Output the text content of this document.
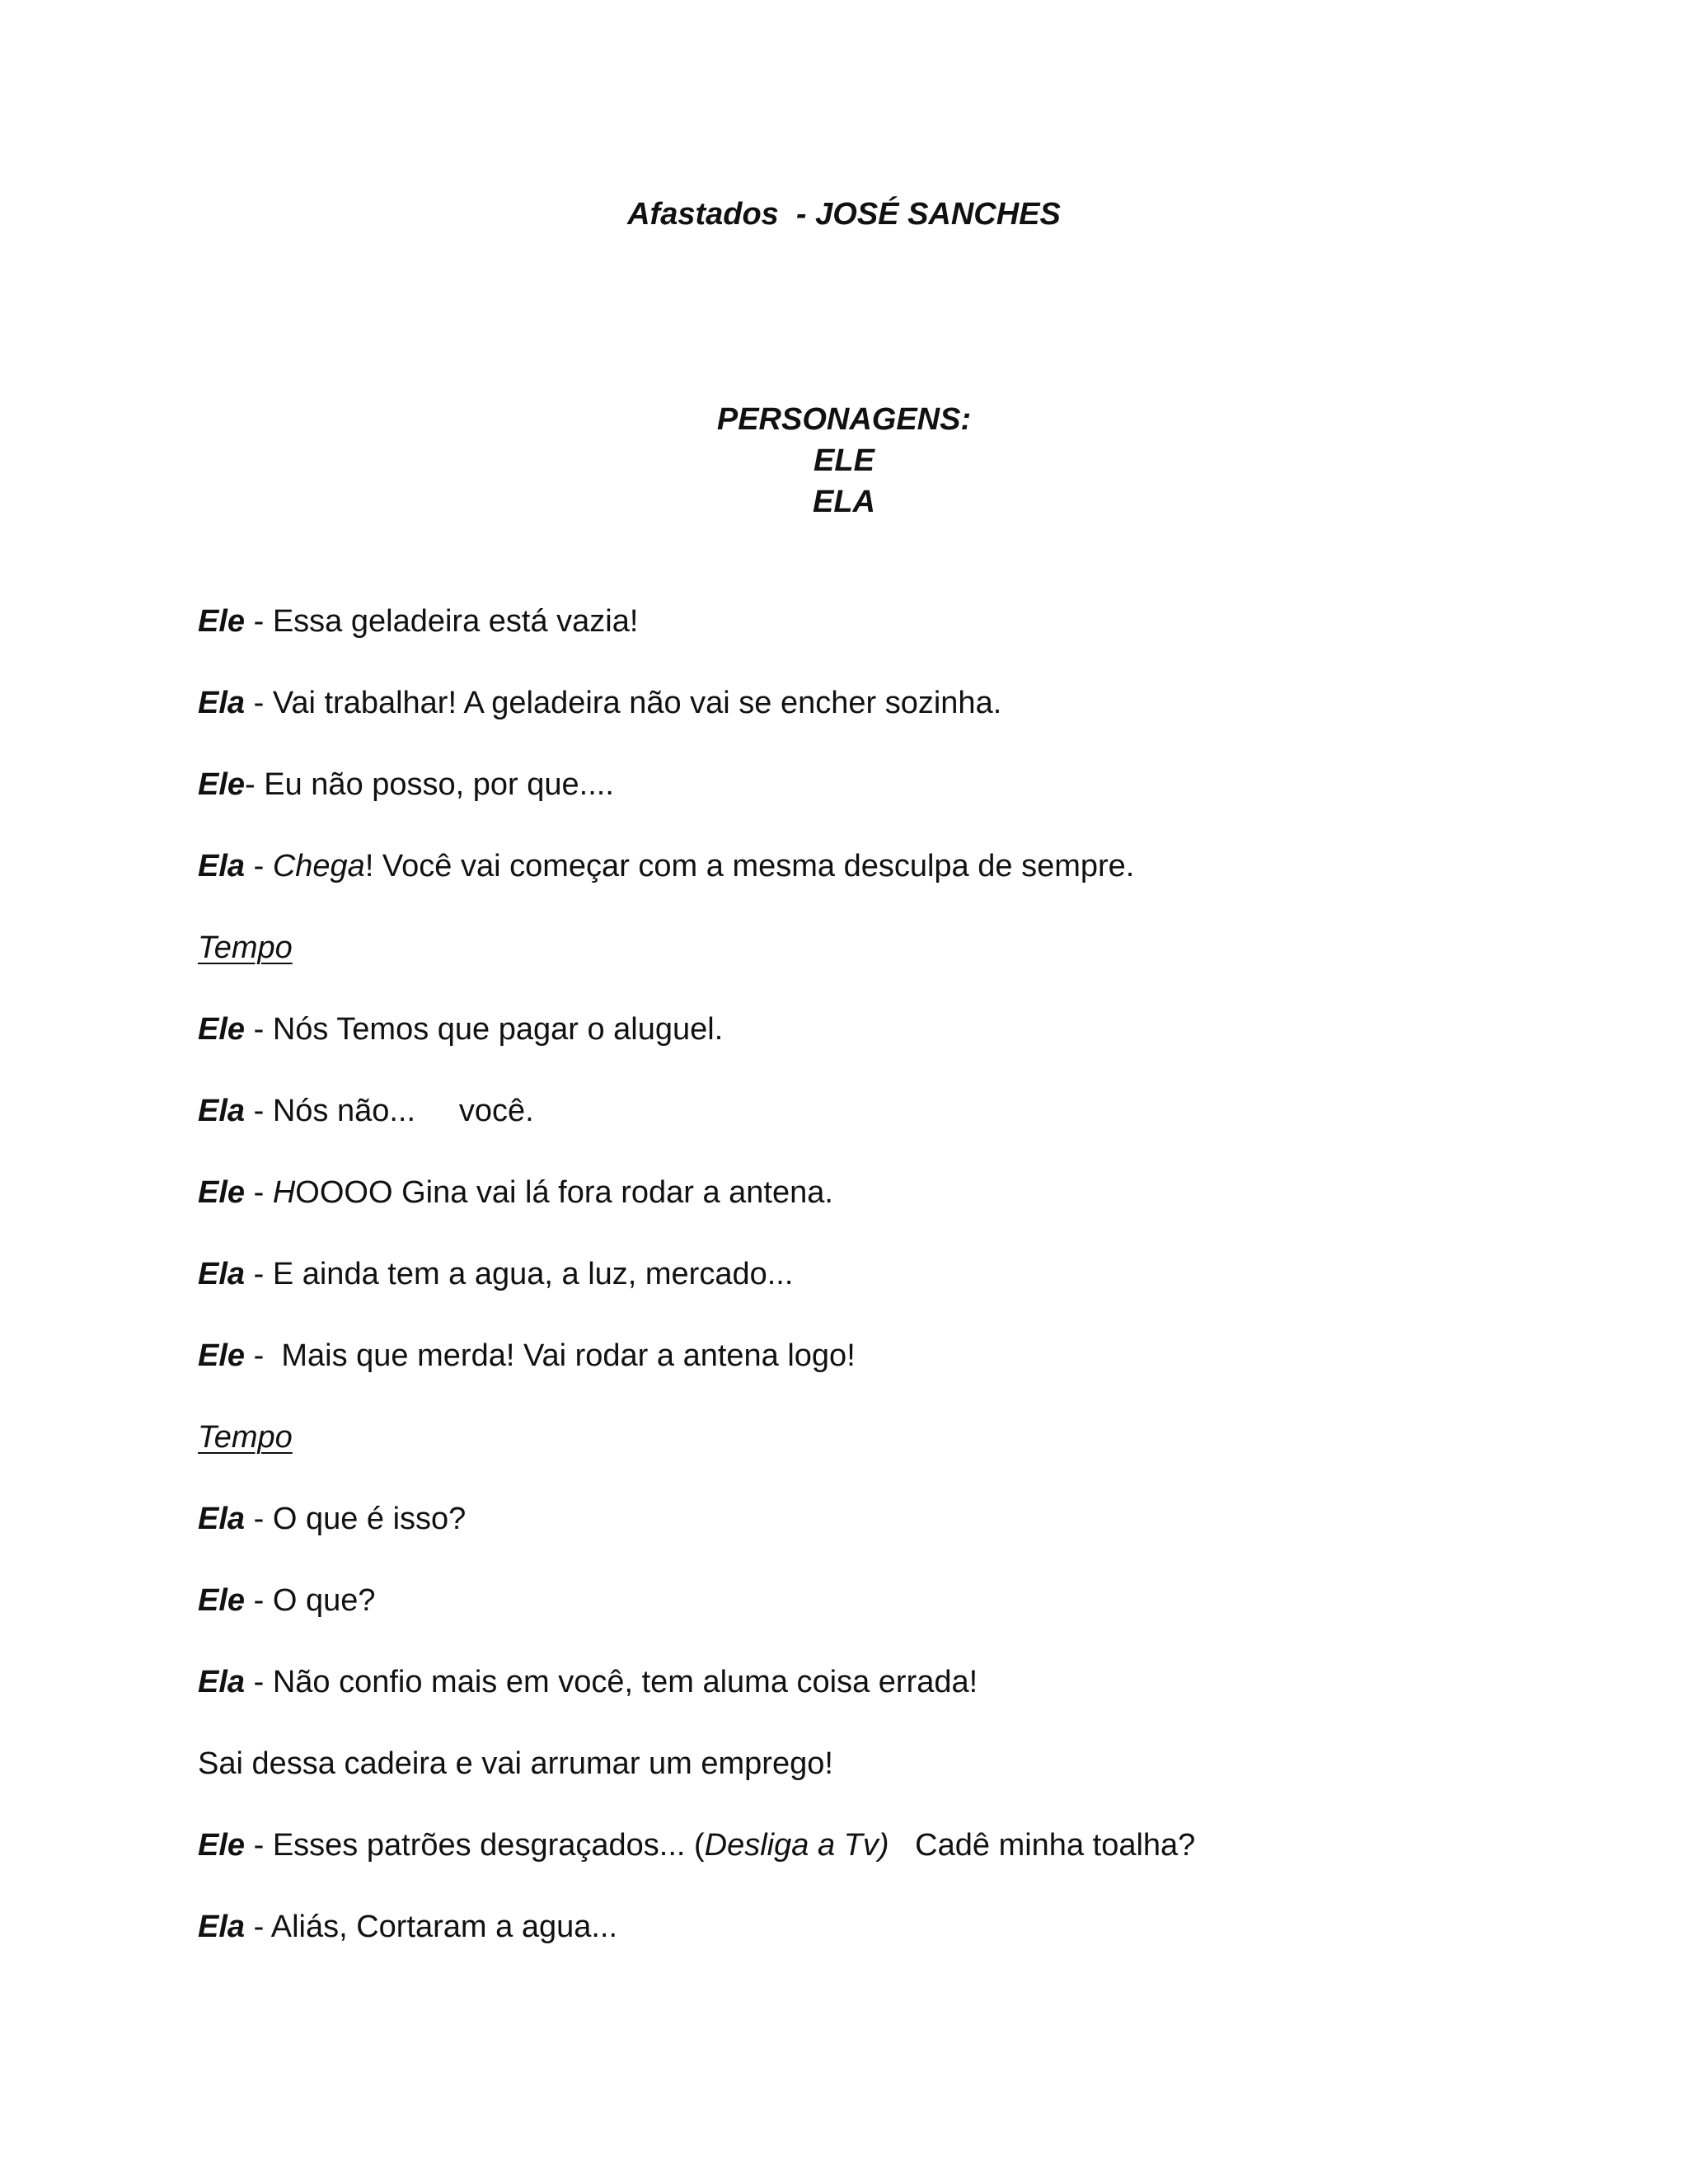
Afastados  - JOSÉ SANCHES
PERSONAGENS:
ELE
ELA
Ele - Essa geladeira está vazia!
Ela - Vai trabalhar! A geladeira não vai se encher sozinha.
Ele- Eu não posso, por que....
Ela - Chega! Você vai começar com a mesma desculpa de sempre.
Tempo
Ele - Nós Temos que pagar o aluguel.
Ela - Nós não...     você.
Ele - HOOOO Gina vai lá fora rodar a antena.
Ela - E ainda tem a agua, a luz, mercado...
Ele -  Mais que merda! Vai rodar a antena logo!
Tempo
Ela - O que é isso?
Ele - O que?
Ela - Não confio mais em você, tem aluma coisa errada!
Sai dessa cadeira e vai arrumar um emprego!
Ele - Esses patrões desgraçados... (Desliga a Tv)   Cadê minha toalha?
Ela - Aliás, Cortaram a agua...
